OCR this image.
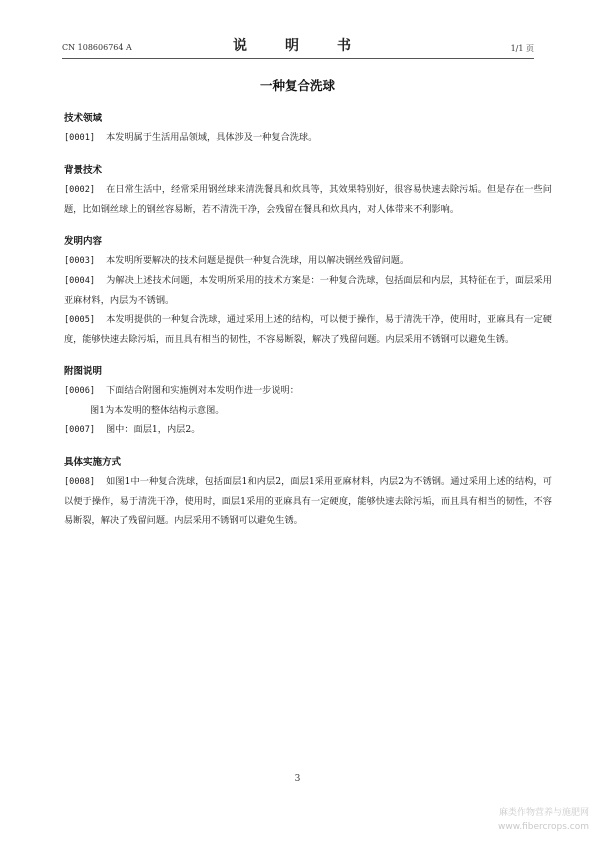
CN 108606764 A	说　明　书	1/1 页
一种复合洗球

技术领域

[0001] 本发明属于生活用品领域，具体涉及一种复合洗球。

背景技术

[0002] 在日常生活中，经常采用钢丝球来清洗餐具和炊具等，其效果特别好，很容易快速去除污垢。但是存在一些问题，比如钢丝球上的钢丝容易断，若不清洗干净，会残留在餐具和炊具内，对人体带来不利影响。

发明内容

[0003] 本发明所要解决的技术问题是提供一种复合洗球，用以解决钢丝残留问题。

[0004] 为解决上述技术问题，本发明所采用的技术方案是：一种复合洗球，包括面层和内层，其特征在于，面层采用亚麻材料，内层为不锈钢。

[0005] 本发明提供的一种复合洗球，通过采用上述的结构，可以便于操作，易于清洗干净，使用时，亚麻具有一定硬度，能够快速去除污垢，而且具有相当的韧性，不容易断裂，解决了残留问题。内层采用不锈钢可以避免生锈。

附图说明

[0006] 下面结合附图和实施例对本发明作进一步说明：

图1为本发明的整体结构示意图。

[0007] 图中：面层1，内层2。

具体实施方式

[0008] 如图1中一种复合洗球，包括面层1和内层2，面层1采用亚麻材料，内层2为不锈钢。通过采用上述的结构，可以便于操作，易于清洗干净，使用时，面层1采用的亚麻具有一定硬度，能够快速去除污垢，而且具有相当的韧性，不容易断裂，解决了残留问题。内层采用不锈钢可以避免生锈。

3
麻类作物营养与施肥网
www.fibercrops.com
